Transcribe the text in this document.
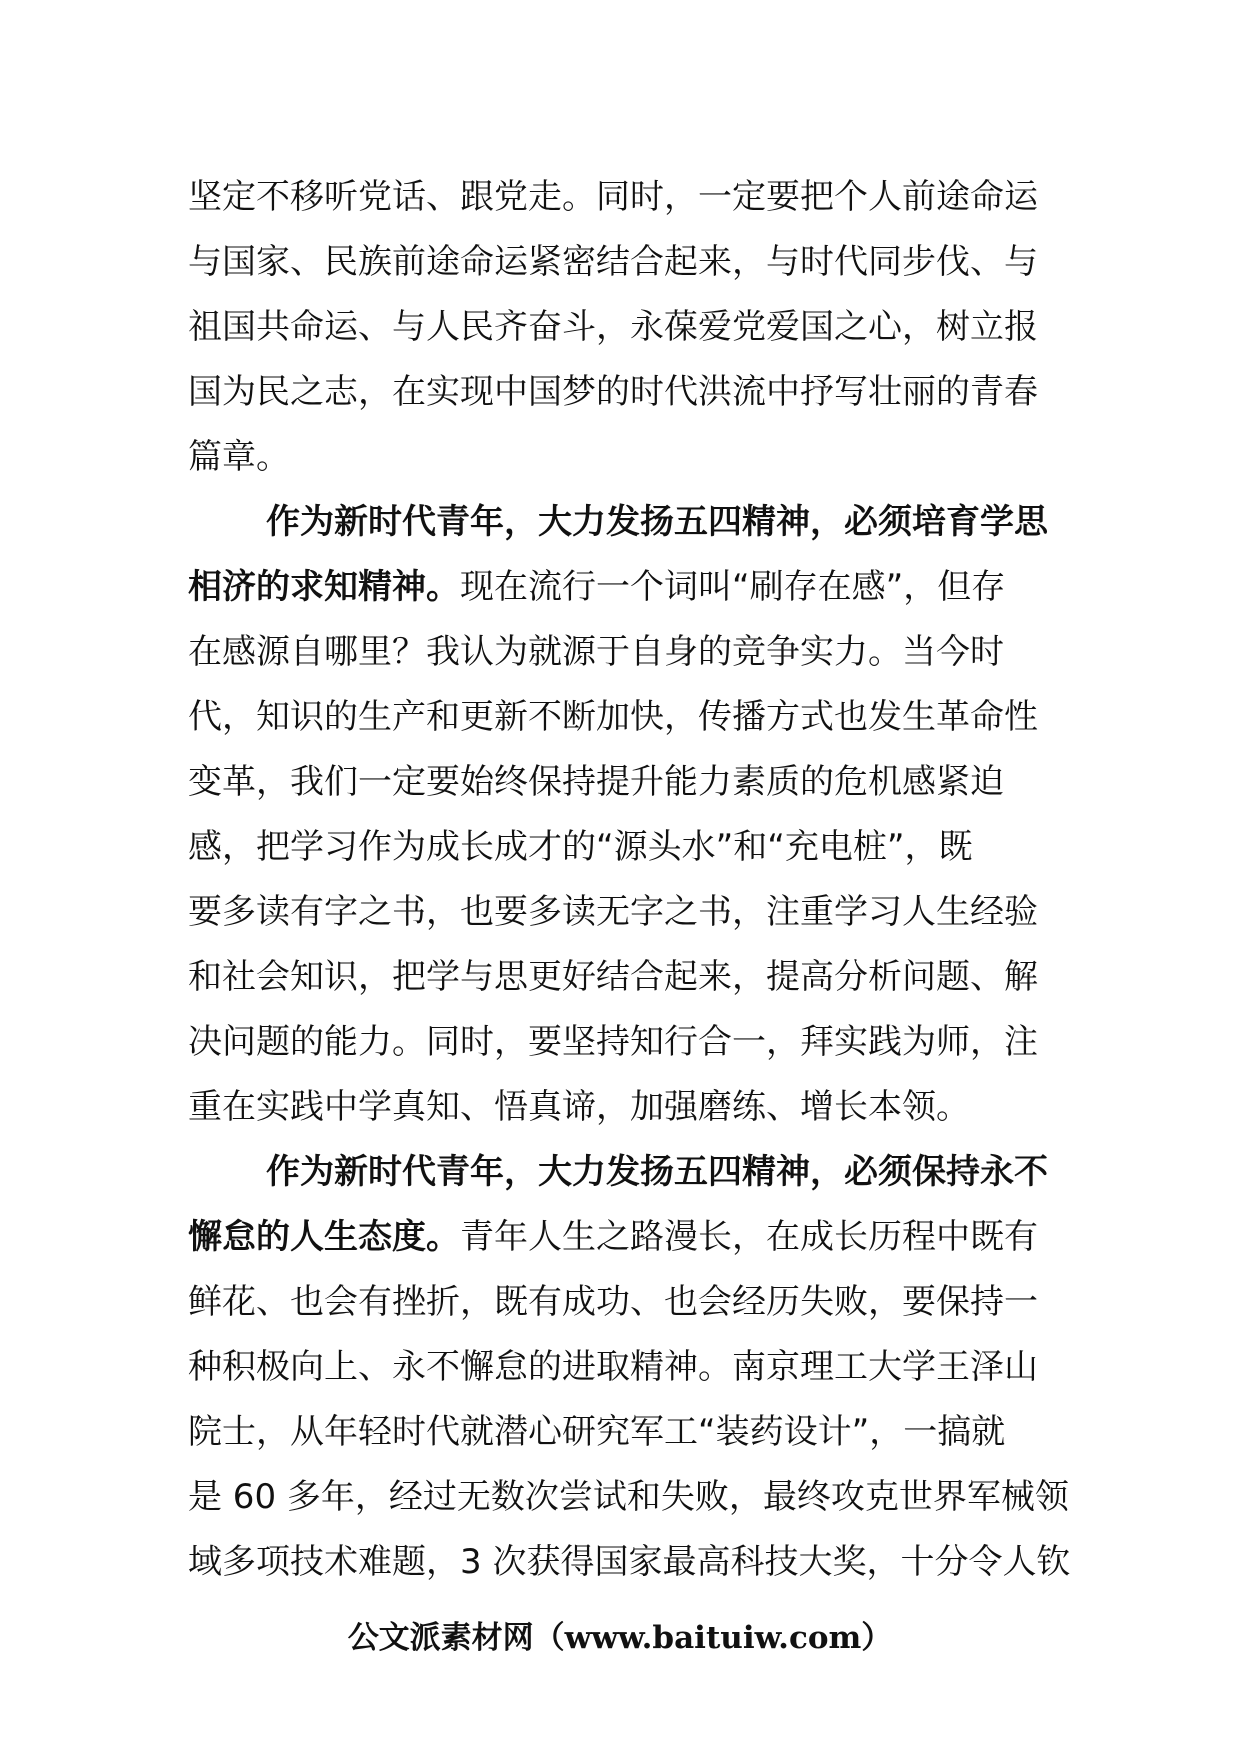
坚定不移听党话、跟党走。同时，一定要把个人前途命运

与国家、民族前途命运紧密结合起来，与时代同步伐、与

祖国共命运、与人民齐奋斗，永葆爱党爱国之心，树立报

国为民之志，在实现中国梦的时代洪流中抒写壮丽的青春

篇章。

作为新时代青年，大力发扬五四精神，必须培育学思

相济的求知精神。现在流行一个词叫“刷存在感”，但存

在感源自哪里？我认为就源于自身的竞争实力。当今时

代，知识的生产和更新不断加快，传播方式也发生革命性

变革，我们一定要始终保持提升能力素质的危机感紧迫

感，把学习作为成长成才的“源头水”和“充电桩”，既

要多读有字之书，也要多读无字之书，注重学习人生经验

和社会知识，把学与思更好结合起来，提高分析问题、解

决问题的能力。同时，要坚持知行合一，拜实践为师，注

重在实践中学真知、悟真谛，加强磨练、增长本领。

作为新时代青年，大力发扬五四精神，必须保持永不

懈怠的人生态度。青年人生之路漫长，在成长历程中既有

鲜花、也会有挫折，既有成功、也会经历失败，要保持一

种积极向上、永不懈怠的进取精神。南京理工大学王泽山

院士，从年轻时代就潜心研究军工“装药设计”，一搞就

是 60 多年，经过无数次尝试和失败，最终攻克世界军械领

域多项技术难题，3 次获得国家最高科技大奖，十分令人钦

公文派素材网（www.baituiw.com）
